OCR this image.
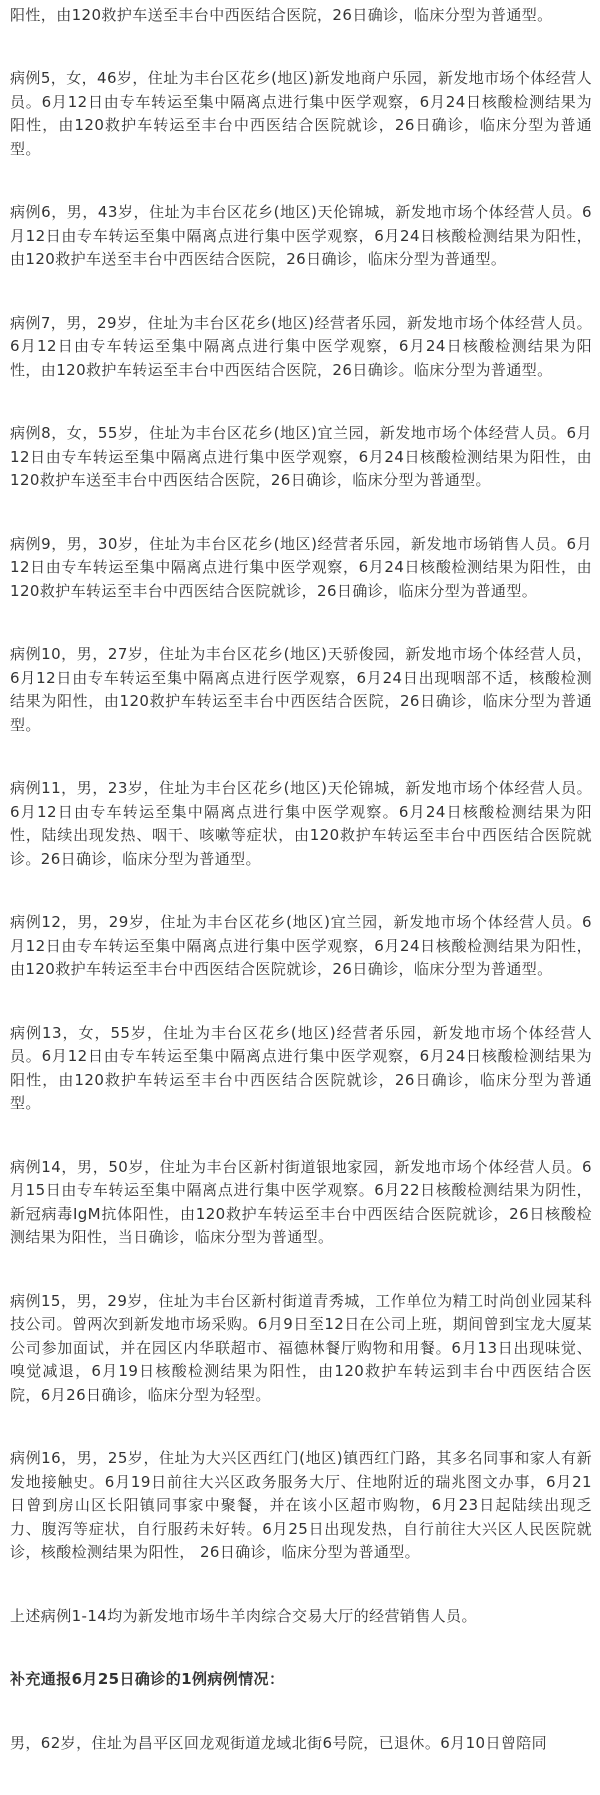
阳性，由120救护车送至丰台中西医结合医院，26日确诊，临床分型为普通型。

病例5，女，46岁，住址为丰台区花乡(地区)新发地商户乐园，新发地市场个体经营人员。6月12日由专车转运至集中隔离点进行集中医学观察，6月24日核酸检测结果为阳性，由120救护车转运至丰台中西医结合医院就诊，26日确诊，临床分型为普通型。

病例6，男，43岁，住址为丰台区花乡(地区)天伦锦城，新发地市场个体经营人员。6月12日由专车转运至集中隔离点进行集中医学观察，6月24日核酸检测结果为阳性，由120救护车送至丰台中西医结合医院，26日确诊，临床分型为普通型。

病例7，男，29岁，住址为丰台区花乡(地区)经营者乐园，新发地市场个体经营人员。6月12日由专车转运至集中隔离点进行集中医学观察，6月24日核酸检测结果为阳性，由120救护车转运至丰台中西医结合医院，26日确诊。临床分型为普通型。

病例8，女，55岁，住址为丰台区花乡(地区)宜兰园，新发地市场个体经营人员。6月12日由专车转运至集中隔离点进行集中医学观察，6月24日核酸检测结果为阳性，由120救护车送至丰台中西医结合医院，26日确诊，临床分型为普通型。

病例9，男，30岁，住址为丰台区花乡(地区)经营者乐园，新发地市场销售人员。6月12日由专车转运至集中隔离点进行集中医学观察，6月24日核酸检测结果为阳性，由120救护车转运至丰台中西医结合医院就诊，26日确诊，临床分型为普通型。

病例10，男，27岁，住址为丰台区花乡(地区)天骄俊园，新发地市场个体经营人员，6月12日由专车转运至集中隔离点进行医学观察，6月24日出现咽部不适，核酸检测结果为阳性，由120救护车转运至丰台中西医结合医院，26日确诊，临床分型为普通型。

病例11，男，23岁，住址为丰台区花乡(地区)天伦锦城，新发地市场个体经营人员。6月12日由专车转运至集中隔离点进行集中医学观察。6月24日核酸检测结果为阳性，陆续出现发热、咽干、咳嗽等症状，由120救护车转运至丰台中西医结合医院就诊。26日确诊，临床分型为普通型。

病例12，男，29岁，住址为丰台区花乡(地区)宜兰园，新发地市场个体经营人员。6月12日由专车转运至集中隔离点进行集中医学观察，6月24日核酸检测结果为阳性，由120救护车转运至丰台中西医结合医院就诊，26日确诊，临床分型为普通型。

病例13，女，55岁，住址为丰台区花乡(地区)经营者乐园，新发地市场个体经营人员。6月12日由专车转运至集中隔离点进行集中医学观察，6月24日核酸检测结果为阳性，由120救护车转运至丰台中西医结合医院就诊，26日确诊，临床分型为普通型。

病例14，男，50岁，住址为丰台区新村街道银地家园，新发地市场个体经营人员。6月15日由专车转运至集中隔离点进行集中医学观察。6月22日核酸检测结果为阴性，新冠病毒IgM抗体阳性，由120救护车转运至丰台中西医结合医院就诊，26日核酸检测结果为阳性，当日确诊，临床分型为普通型。

病例15，男，29岁，住址为丰台区新村街道青秀城，工作单位为精工时尚创业园某科技公司。曾两次到新发地市场采购。6月9日至12日在公司上班，期间曾到宝龙大厦某公司参加面试，并在园区内华联超市、福德林餐厅购物和用餐。6月13日出现味觉、嗅觉减退，6月19日核酸检测结果为阳性，由120救护车转运到丰台中西医结合医院，6月26日确诊，临床分型为轻型。

病例16，男，25岁，住址为大兴区西红门(地区)镇西红门路，其多名同事和家人有新发地接触史。6月19日前往大兴区政务服务大厅、住地附近的瑞兆图文办事，6月21日曾到房山区长阳镇同事家中聚餐，并在该小区超市购物，6月23日起陆续出现乏力、腹泻等症状，自行服药未好转。6月25日出现发热，自行前往大兴区人民医院就诊，核酸检测结果为阳性， 26日确诊，临床分型为普通型。

上述病例1-14均为新发地市场牛羊肉综合交易大厅的经营销售人员。

补充通报6月25日确诊的1例病例情况：

男，62岁，住址为昌平区回龙观街道龙域北街6号院，已退休。6月10日曾陪同
